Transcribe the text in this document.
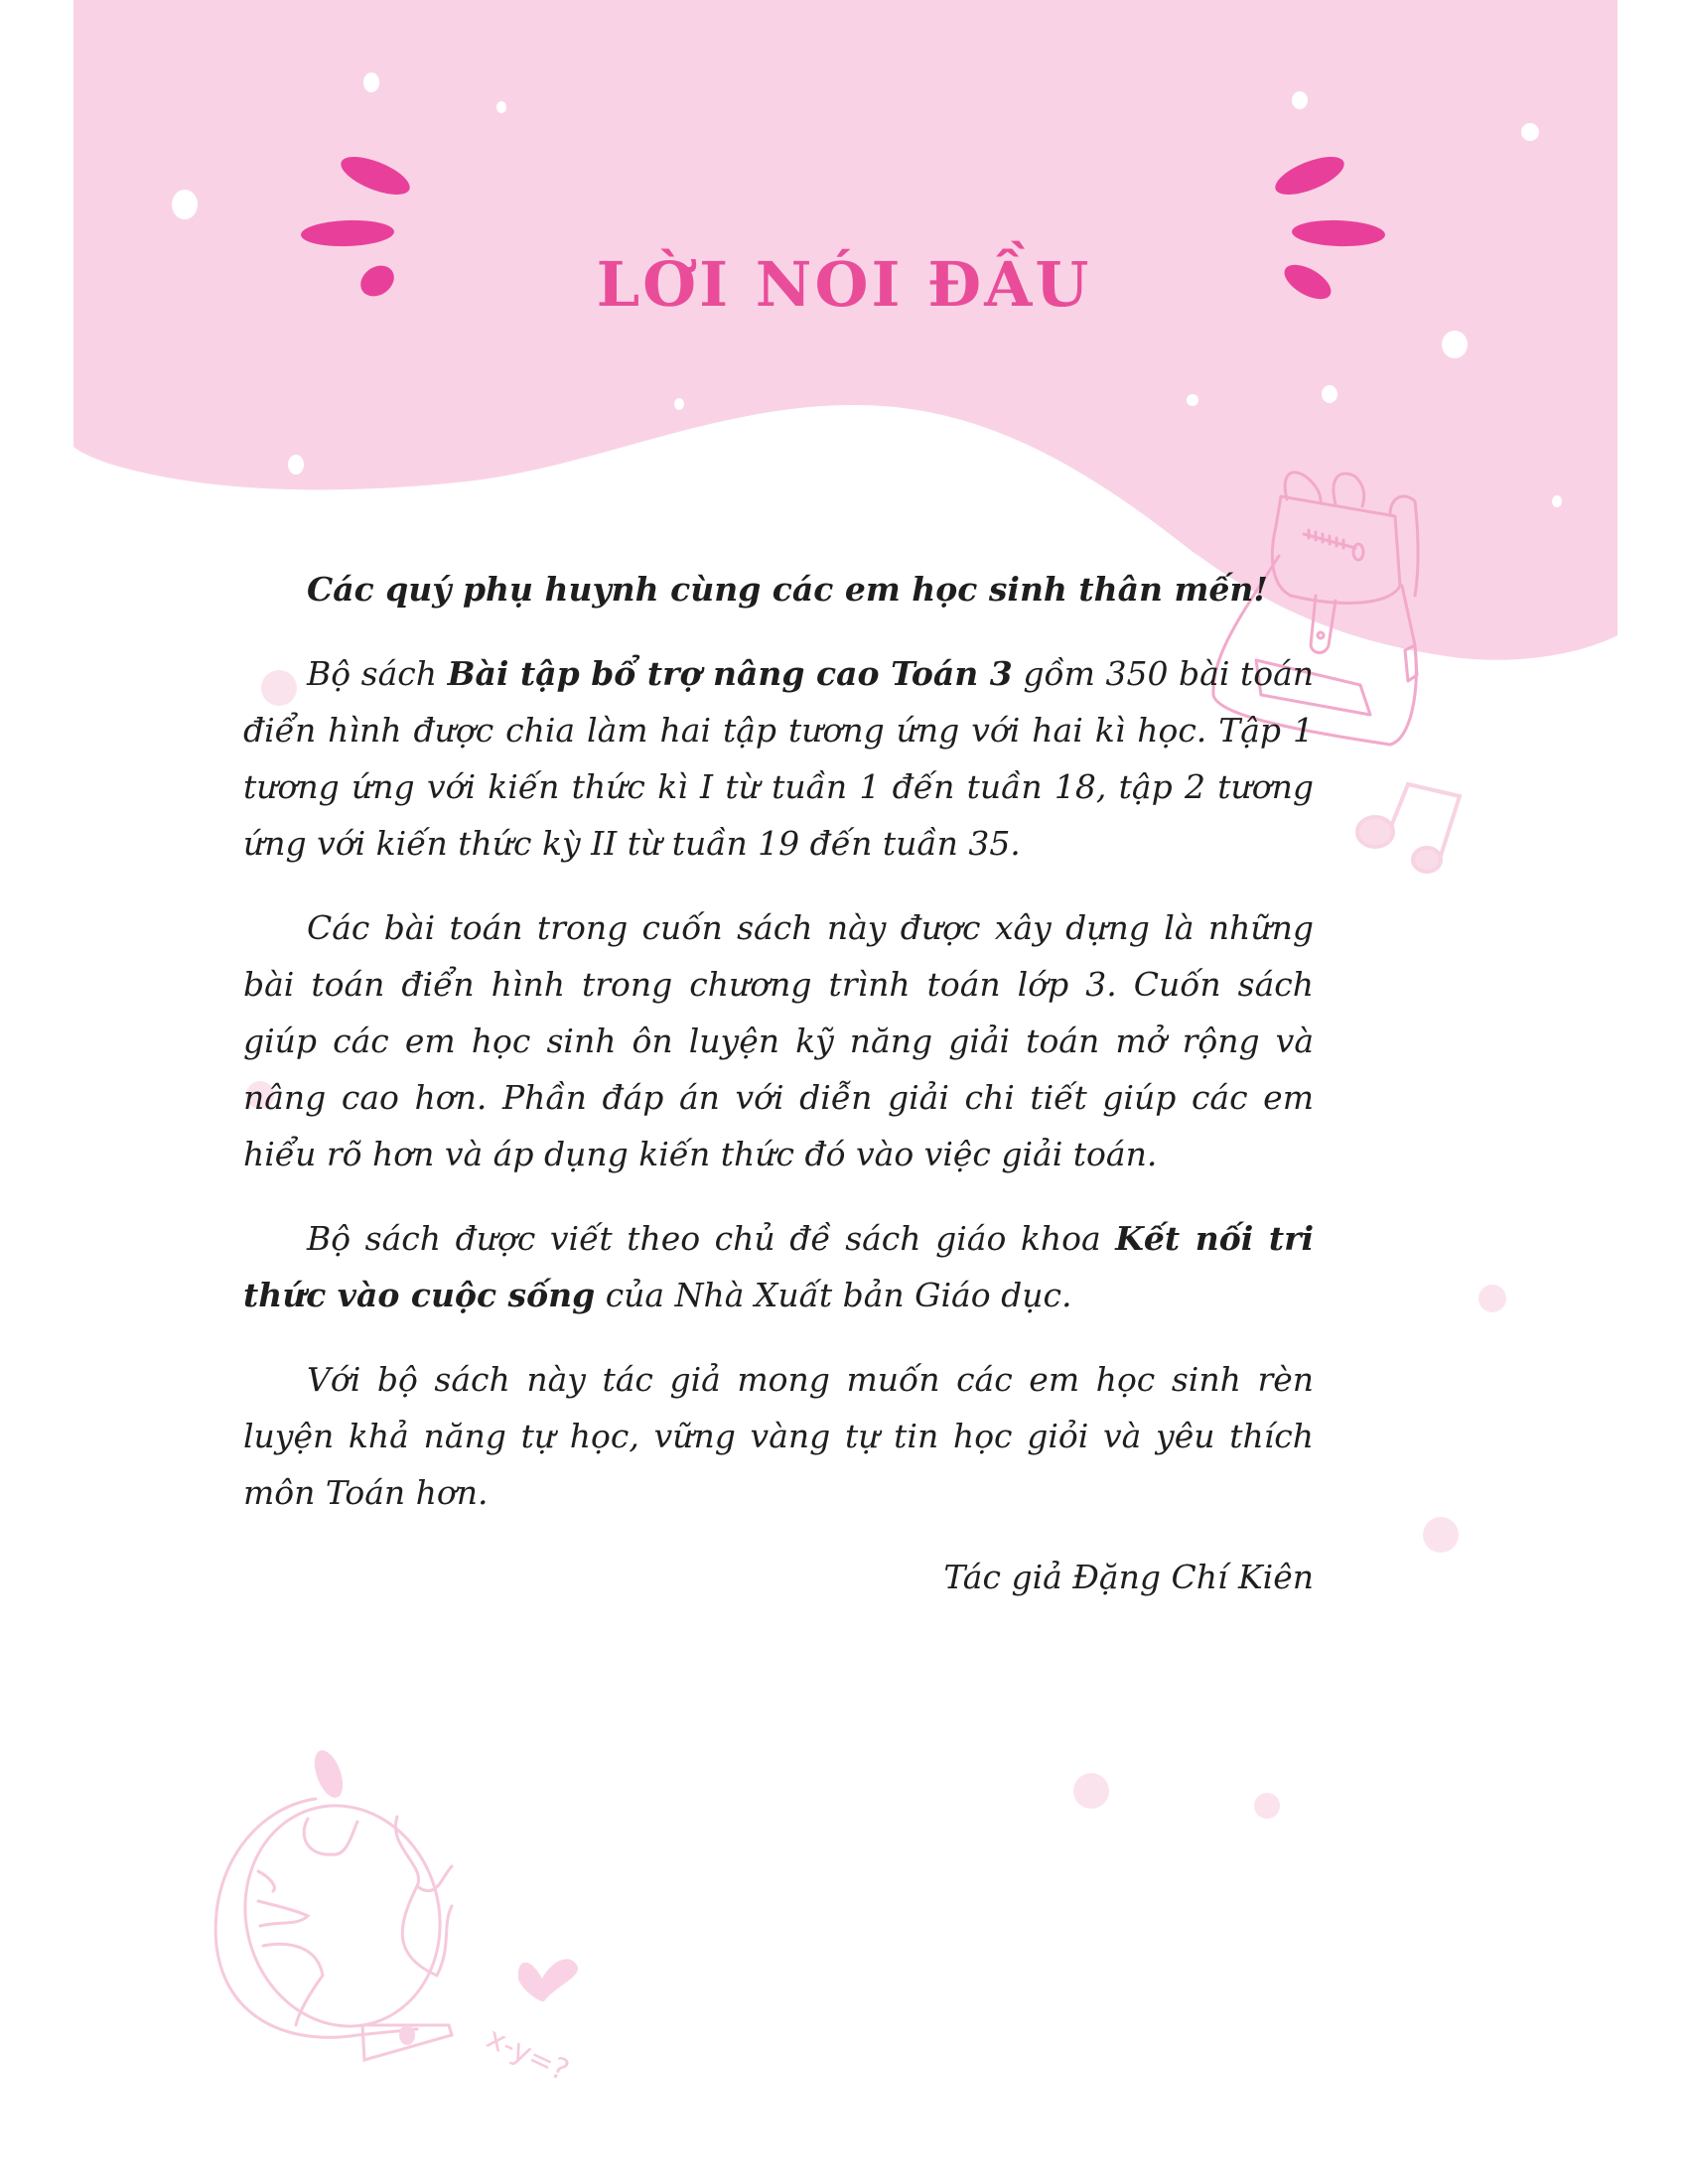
x-y=?
LỜI NÓI ĐẦU

Các quý phụ huynh cùng các em học sinh thân mến!

Bộ sách Bài tập bổ trợ nâng cao Toán 3 gồm 350 bài toán điển hình được chia làm hai tập tương ứng với hai kì học. Tập 1 tương ứng với kiến thức kì I từ tuần 1 đến tuần 18, tập 2 tương ứng với kiến thức kỳ II từ tuần 19 đến tuần 35.

Các bài toán trong cuốn sách này được xây dựng là những bài toán điển hình trong chương trình toán lớp 3. Cuốn sách giúp các em học sinh ôn luyện kỹ năng giải toán mở rộng và nâng cao hơn. Phần đáp án với diễn giải chi tiết giúp các em hiểu rõ hơn và áp dụng kiến thức đó vào việc giải toán.

Bộ sách được viết theo chủ đề sách giáo khoa Kết nối tri thức vào cuộc sống của Nhà Xuất bản Giáo dục.

Với bộ sách này tác giả mong muốn các em học sinh rèn luyện khả năng tự học, vững vàng tự tin học giỏi và yêu thích môn Toán hơn.

Tác giả Đặng Chí Kiên
